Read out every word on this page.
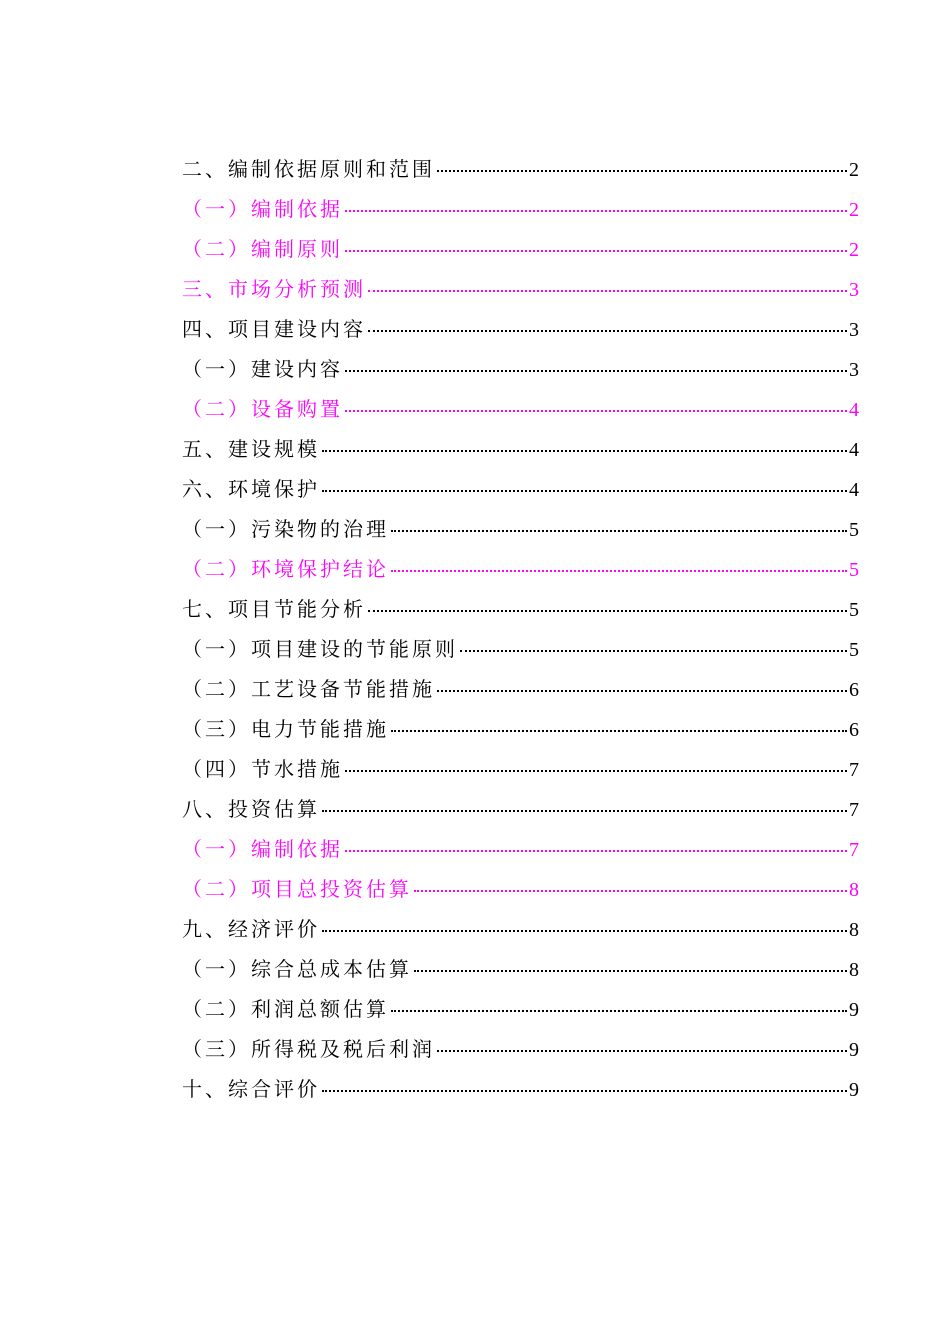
二、编制依据原则和范围	2
（一）编制依据	2
（二）编制原则	2
三、市场分析预测	3
四、项目建设内容	3
（一）建设内容	3
（二）设备购置	4
五、建设规模	4
六、环境保护	4
（一）污染物的治理	5
（二）环境保护结论	5
七、项目节能分析	5
（一）项目建设的节能原则	5
（二）工艺设备节能措施	6
（三）电力节能措施	6
（四）节水措施	7
八、投资估算	7
（一）编制依据	7
（二）项目总投资估算	8
九、经济评价	8
（一）综合总成本估算	8
（二）利润总额估算	9
（三）所得税及税后利润	9
十、综合评价	9
